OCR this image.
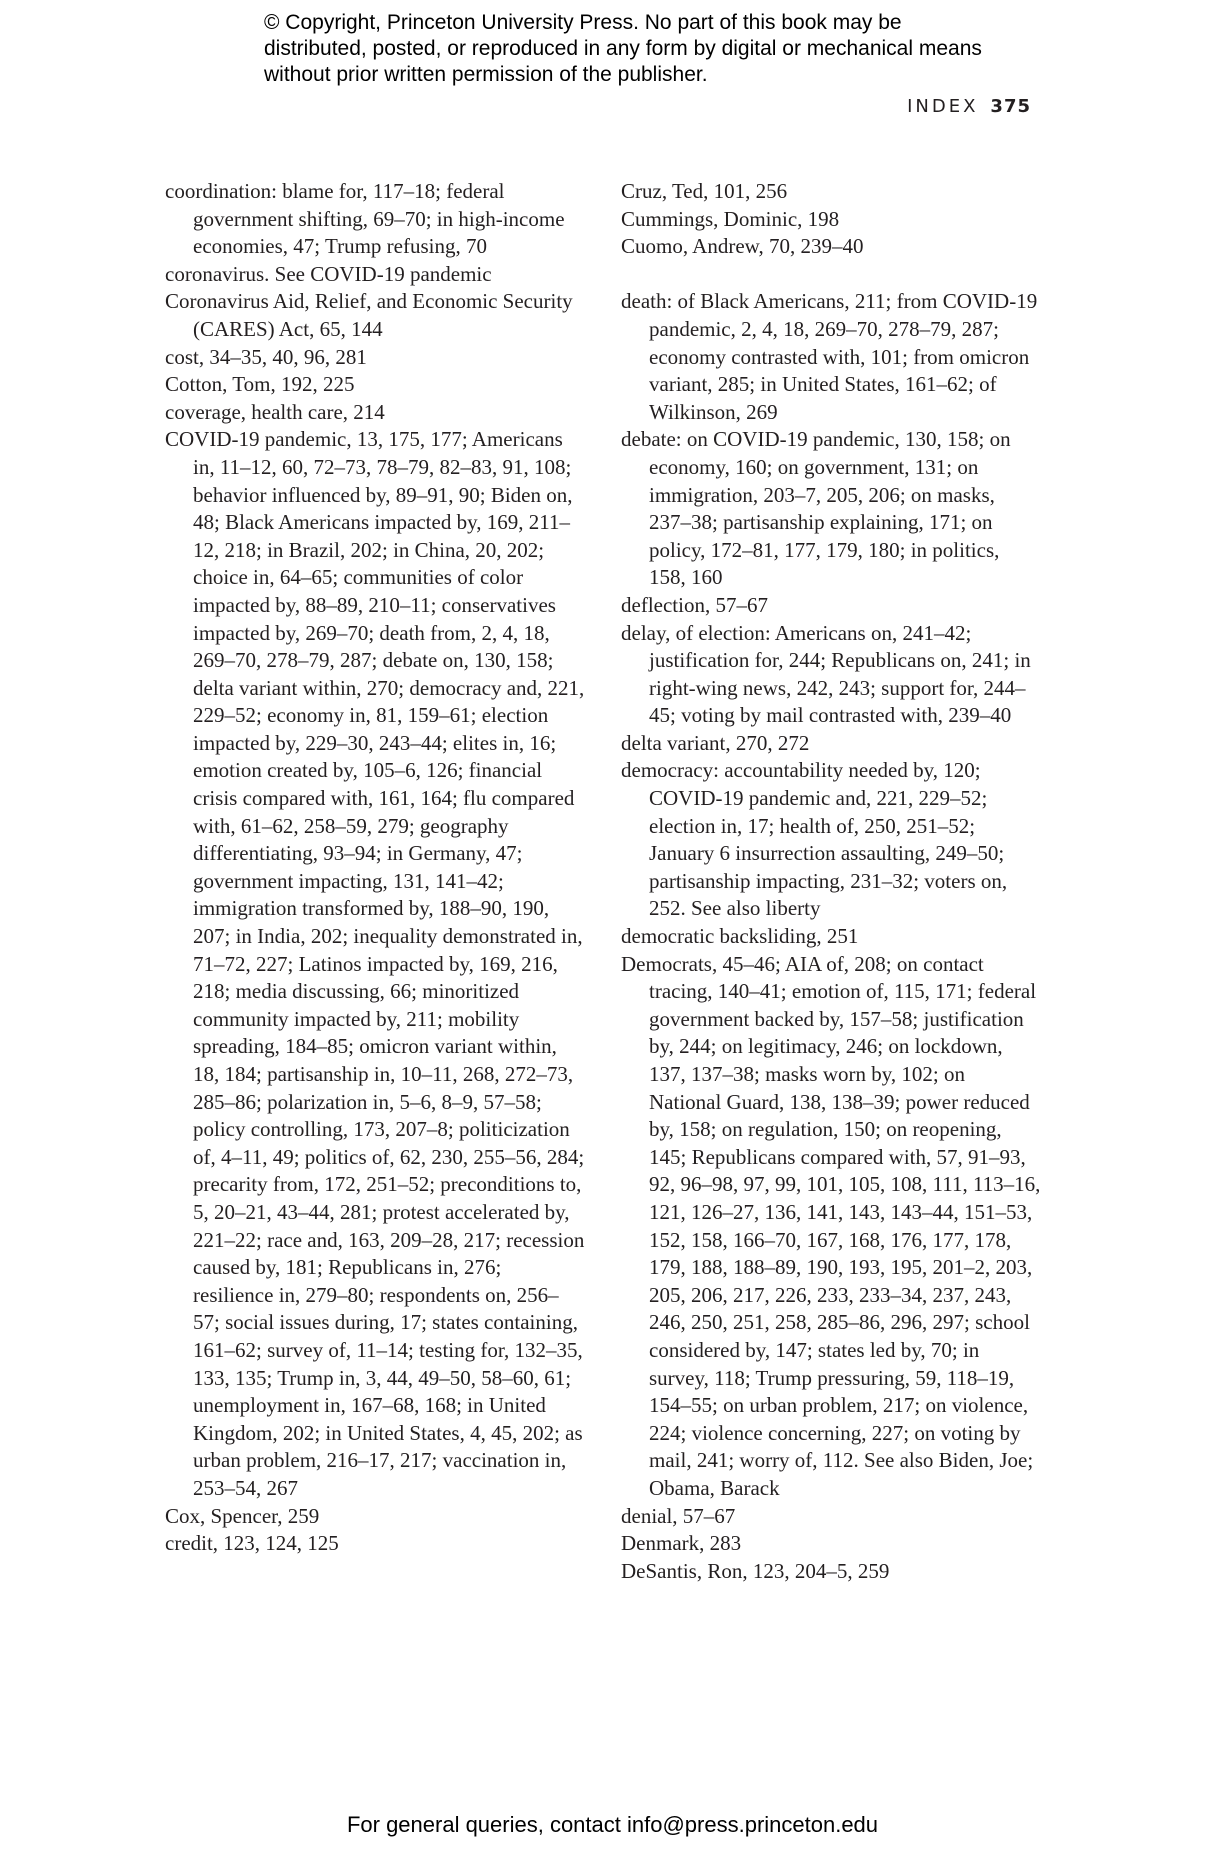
© Copyright, Princeton University Press. No part of this book may be distributed, posted, or reproduced in any form by digital or mechanical means without prior written permission of the publisher.
INDEX 375

coordination: blame for, 117–18; federal government shifting, 69–70; in high-income economies, 47; Trump refusing, 70

coronavirus. See COVID-19 pandemic

Coronavirus Aid, Relief, and Economic Security (CARES) Act, 65, 144

cost, 34–35, 40, 96, 281

Cotton, Tom, 192, 225

coverage, health care, 214

COVID-19 pandemic, 13, 175, 177; Americans in, 11–12, 60, 72–73, 78–79, 82–83, 91, 108; behavior influenced by, 89–91, 90; Biden on, 48; Black Americans impacted by, 169, 211–12, 218; in Brazil, 202; in China, 20, 202; choice in, 64–65; communities of color impacted by, 88–89, 210–11; conservatives impacted by, 269–70; death from, 2, 4, 18, 269–70, 278–79, 287; debate on, 130, 158; delta variant within, 270; democracy and, 221, 229–52; economy in, 81, 159–61; election impacted by, 229–30, 243–44; elites in, 16; emotion created by, 105–6, 126; financial crisis compared with, 161, 164; flu compared with, 61–62, 258–59, 279; geography differentiating, 93–94; in Germany, 47; government impacting, 131, 141–42; immigration transformed by, 188–90, 190, 207; in India, 202; inequality demonstrated in, 71–72, 227; Latinos impacted by, 169, 216, 218; media discussing, 66; minoritized community impacted by, 211; mobility spreading, 184–85; omicron variant within, 18, 184; partisanship in, 10–11, 268, 272–73, 285–86; polarization in, 5–6, 8–9, 57–58; policy controlling, 173, 207–8; politicization of, 4–11, 49; politics of, 62, 230, 255–56, 284; precarity from, 172, 251–52; preconditions to, 5, 20–21, 43–44, 281; protest accelerated by, 221–22; race and, 163, 209–28, 217; recession caused by, 181; Republicans in, 276; resilience in, 279–80; respondents on, 256–57; social issues during, 17; states containing, 161–62; survey of, 11–14; testing for, 132–35, 133, 135; Trump in, 3, 44, 49–50, 58–60, 61; unemployment in, 167–68, 168; in United Kingdom, 202; in United States, 4, 45, 202; as urban problem, 216–17, 217; vaccination in, 253–54, 267

Cox, Spencer, 259

credit, 123, 124, 125

Cruz, Ted, 101, 256

Cummings, Dominic, 198

Cuomo, Andrew, 70, 239–40

death: of Black Americans, 211; from COVID-19 pandemic, 2, 4, 18, 269–70, 278–79, 287; economy contrasted with, 101; from omicron variant, 285; in United States, 161–62; of Wilkinson, 269

debate: on COVID-19 pandemic, 130, 158; on economy, 160; on government, 131; on immigration, 203–7, 205, 206; on masks, 237–38; partisanship explaining, 171; on policy, 172–81, 177, 179, 180; in politics, 158, 160

deflection, 57–67

delay, of election: Americans on, 241–42; justification for, 244; Republicans on, 241; in right-wing news, 242, 243; support for, 244–45; voting by mail contrasted with, 239–40

delta variant, 270, 272

democracy: accountability needed by, 120; COVID-19 pandemic and, 221, 229–52; election in, 17; health of, 250, 251–52; January 6 insurrection assaulting, 249–50; partisanship impacting, 231–32; voters on, 252. See also liberty

democratic backsliding, 251

Democrats, 45–46; AIA of, 208; on contact tracing, 140–41; emotion of, 115, 171; federal government backed by, 157–58; justification by, 244; on legitimacy, 246; on lockdown, 137, 137–38; masks worn by, 102; on National Guard, 138, 138–39; power reduced by, 158; on regulation, 150; on reopening, 145; Republicans compared with, 57, 91–93, 92, 96–98, 97, 99, 101, 105, 108, 111, 113–16, 121, 126–27, 136, 141, 143, 143–44, 151–53, 152, 158, 166–70, 167, 168, 176, 177, 178, 179, 188, 188–89, 190, 193, 195, 201–2, 203, 205, 206, 217, 226, 233, 233–34, 237, 243, 246, 250, 251, 258, 285–86, 296, 297; school considered by, 147; states led by, 70; in survey, 118; Trump pressuring, 59, 118–19, 154–55; on urban problem, 217; on violence, 224; violence concerning, 227; on voting by mail, 241; worry of, 112. See also Biden, Joe; Obama, Barack

denial, 57–67

Denmark, 283

DeSantis, Ron, 123, 204–5, 259

For general queries, contact info@press.princeton.edu
